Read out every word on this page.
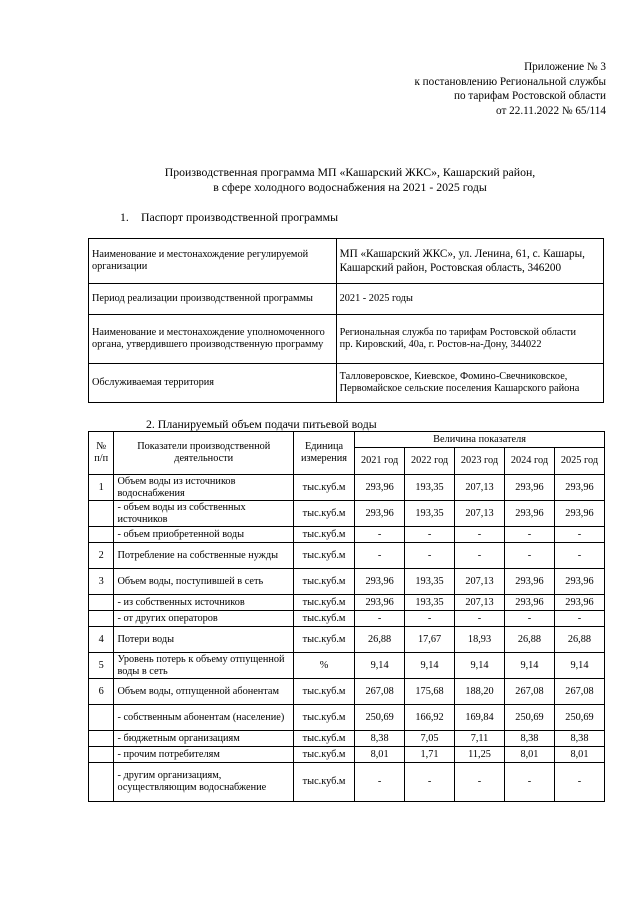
Приложение № 3
к постановлению Региональной службы
по тарифам Ростовской области
от 22.11.2022 № 65/114
Производственная программа МП «Кашарский ЖКС», Кашарский район,
в сфере холодного водоснабжения на 2021 - 2025 годы
1. Паспорт производственной программы
Наименование и местонахождение регулируемой организации	МП «Кашарский ЖКС», ул. Ленина, 61, с. Кашары, Кашарский район, Ростовская область, 346200
Период реализации производственной программы	2021 - 2025 годы
Наименование и местонахождение уполномоченного органа, утвердившего производственную программу	Региональная служба по тарифам Ростовской области
пр. Кировский, 40а, г. Ростов-на-Дону, 344022

Обслуживаемая территория	Талловеровское, Киевское, Фомино-Свечниковское, Первомайское сельские поселения Кашарского района
2. Планируемый объем подачи питьевой воды
№ п/п	Показатели производственной деятельности	Единица измерения	Величина показателя				
			2021 год	2022 год	2023 год	2024 год	2025 год
1	Объем воды из источников водоснабжения	тыс.куб.м	293,96	193,35	207,13	293,96	293,96
	- объем воды из собственных источников	тыс.куб.м	293,96	193,35	207,13	293,96	293,96
	- объем приобретенной воды	тыс.куб.м	-	-	-	-	-
2	Потребление на собственные нужды	тыс.куб.м	-	-	-	-	-
3	Объем воды, поступившей в сеть	тыс.куб.м	293,96	193,35	207,13	293,96	293,96
	- из собственных источников	тыс.куб.м	293,96	193,35	207,13	293,96	293,96
	- от других операторов	тыс.куб.м	-	-	-	-	-
4	Потери воды	тыс.куб.м	26,88	17,67	18,93	26,88	26,88
5	Уровень потерь к объему отпущенной воды в сеть	%	9,14	9,14	9,14	9,14	9,14
6	Объем воды, отпущенной абонентам	тыс.куб.м	267,08	175,68	188,20	267,08	267,08
	- собственным абонентам (население)	тыс.куб.м	250,69	166,92	169,84	250,69	250,69
	- бюджетным организациям	тыс.куб.м	8,38	7,05	7,11	8,38	8,38
	- прочим потребителям	тыс.куб.м	8,01	1,71	11,25	8,01	8,01
	- другим организациям, осуществляющим водоснабжение	тыс.куб.м	-	-	-	-	-
